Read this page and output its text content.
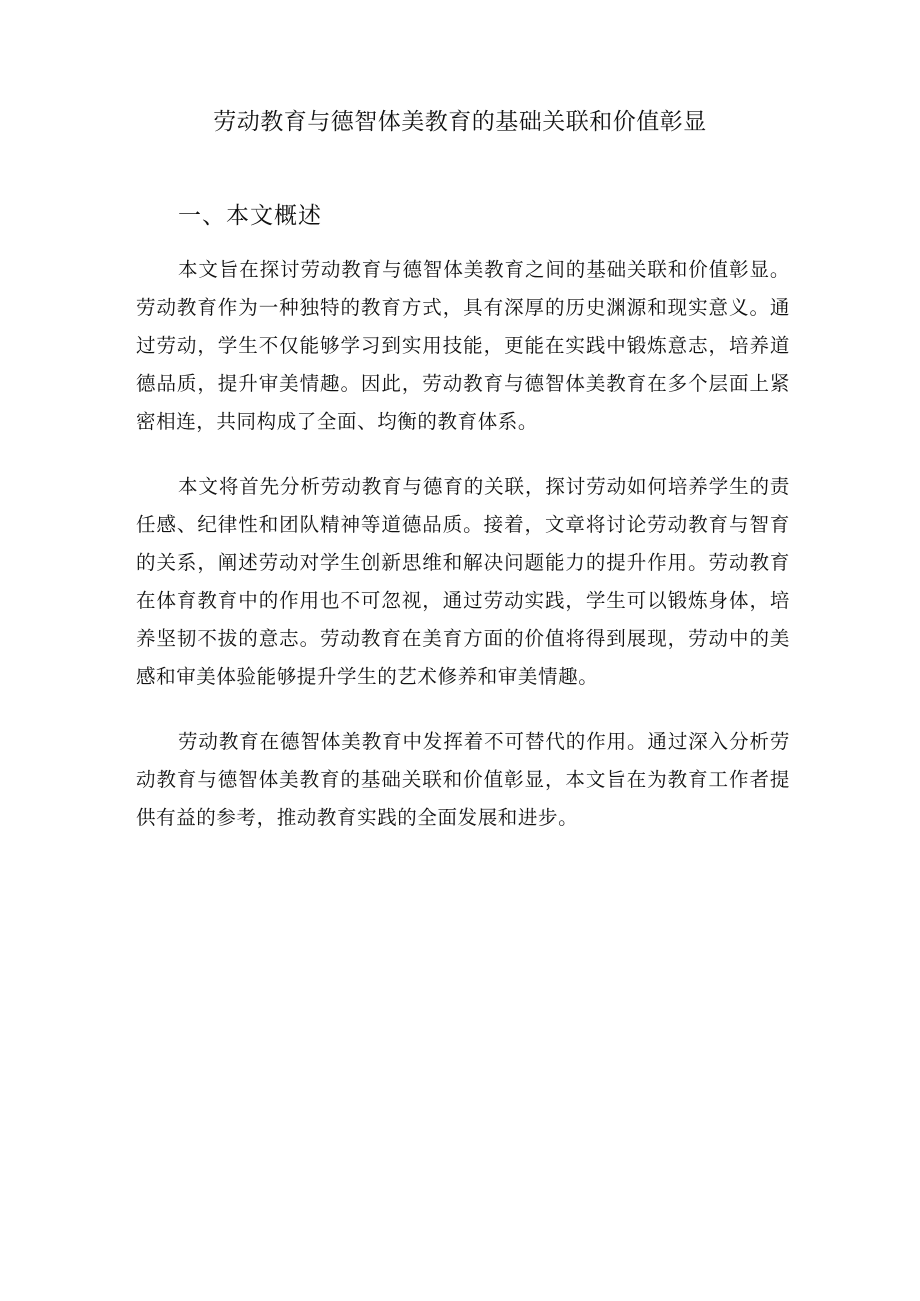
劳动教育与德智体美教育的基础关联和价值彰显
一、本文概述

本文旨在探讨劳动教育与德智体美教育之间的基础关联和价值彰显。劳动教育作为一种独特的教育方式，具有深厚的历史渊源和现实意义。通过劳动，学生不仅能够学习到实用技能，更能在实践中锻炼意志，培养道德品质，提升审美情趣。因此，劳动教育与德智体美教育在多个层面上紧密相连，共同构成了全面、均衡的教育体系。

本文将首先分析劳动教育与德育的关联，探讨劳动如何培养学生的责任感、纪律性和团队精神等道德品质。接着，文章将讨论劳动教育与智育的关系，阐述劳动对学生创新思维和解决问题能力的提升作用。劳动教育在体育教育中的作用也不可忽视，通过劳动实践，学生可以锻炼身体，培养坚韧不拔的意志。劳动教育在美育方面的价值将得到展现，劳动中的美感和审美体验能够提升学生的艺术修养和审美情趣。

劳动教育在德智体美教育中发挥着不可替代的作用。通过深入分析劳动教育与德智体美教育的基础关联和价值彰显，本文旨在为教育工作者提供有益的参考，推动教育实践的全面发展和进步。
